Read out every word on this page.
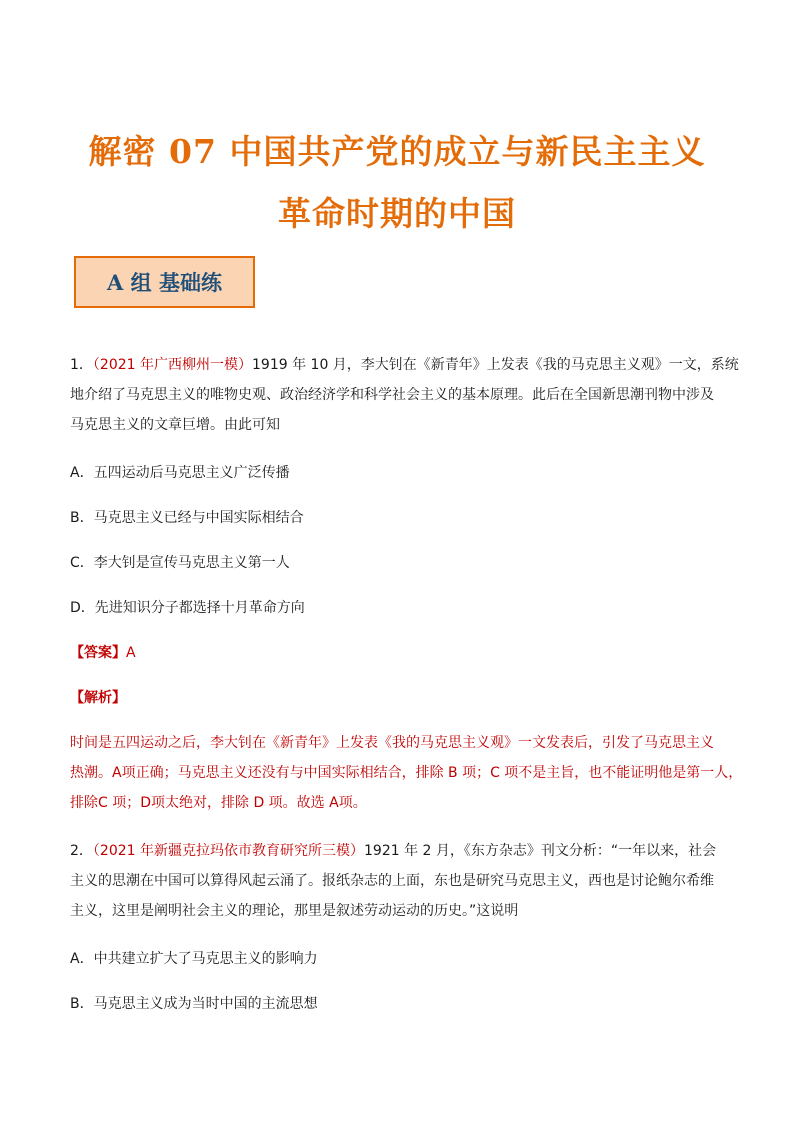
解密 07 中国共产党的成立与新民主主义
革命时期的中国
A 组 基础练
1．（2021 年广西柳州一模）1919 年 10 月，李大钊在《新青年》上发表《我的马克思主义观》一文，系统
地介绍了马克思主义的唯物史观、政治经济学和科学社会主义的基本原理。此后在全国新思潮刊物中涉及
马克思主义的文章巨增。由此可知
A．五四运动后马克思主义广泛传播
B．马克思主义已经与中国实际相结合
C．李大钊是宣传马克思主义第一人
D．先进知识分子都选择十月革命方向
【答案】A
【解析】
时间是五四运动之后，李大钊在《新青年》上发表《我的马克思主义观》一文发表后，引发了马克思主义
热潮。A项正确；马克思主义还没有与中国实际相结合，排除 B 项；C 项不是主旨，也不能证明他是第一人，
排除C 项；D项太绝对，排除 D 项。故选 A项。
2．（2021 年新疆克拉玛依市教育研究所三模）1921 年 2 月，《东方杂志》刊文分析：“一年以来，社会
主义的思潮在中国可以算得风起云涌了。报纸杂志的上面，东也是研究马克思主义，西也是讨论鲍尔希维
主义，这里是阐明社会主义的理论，那里是叙述劳动运动的历史。”这说明
A．中共建立扩大了马克思主义的影响力
B．马克思主义成为当时中国的主流思想
